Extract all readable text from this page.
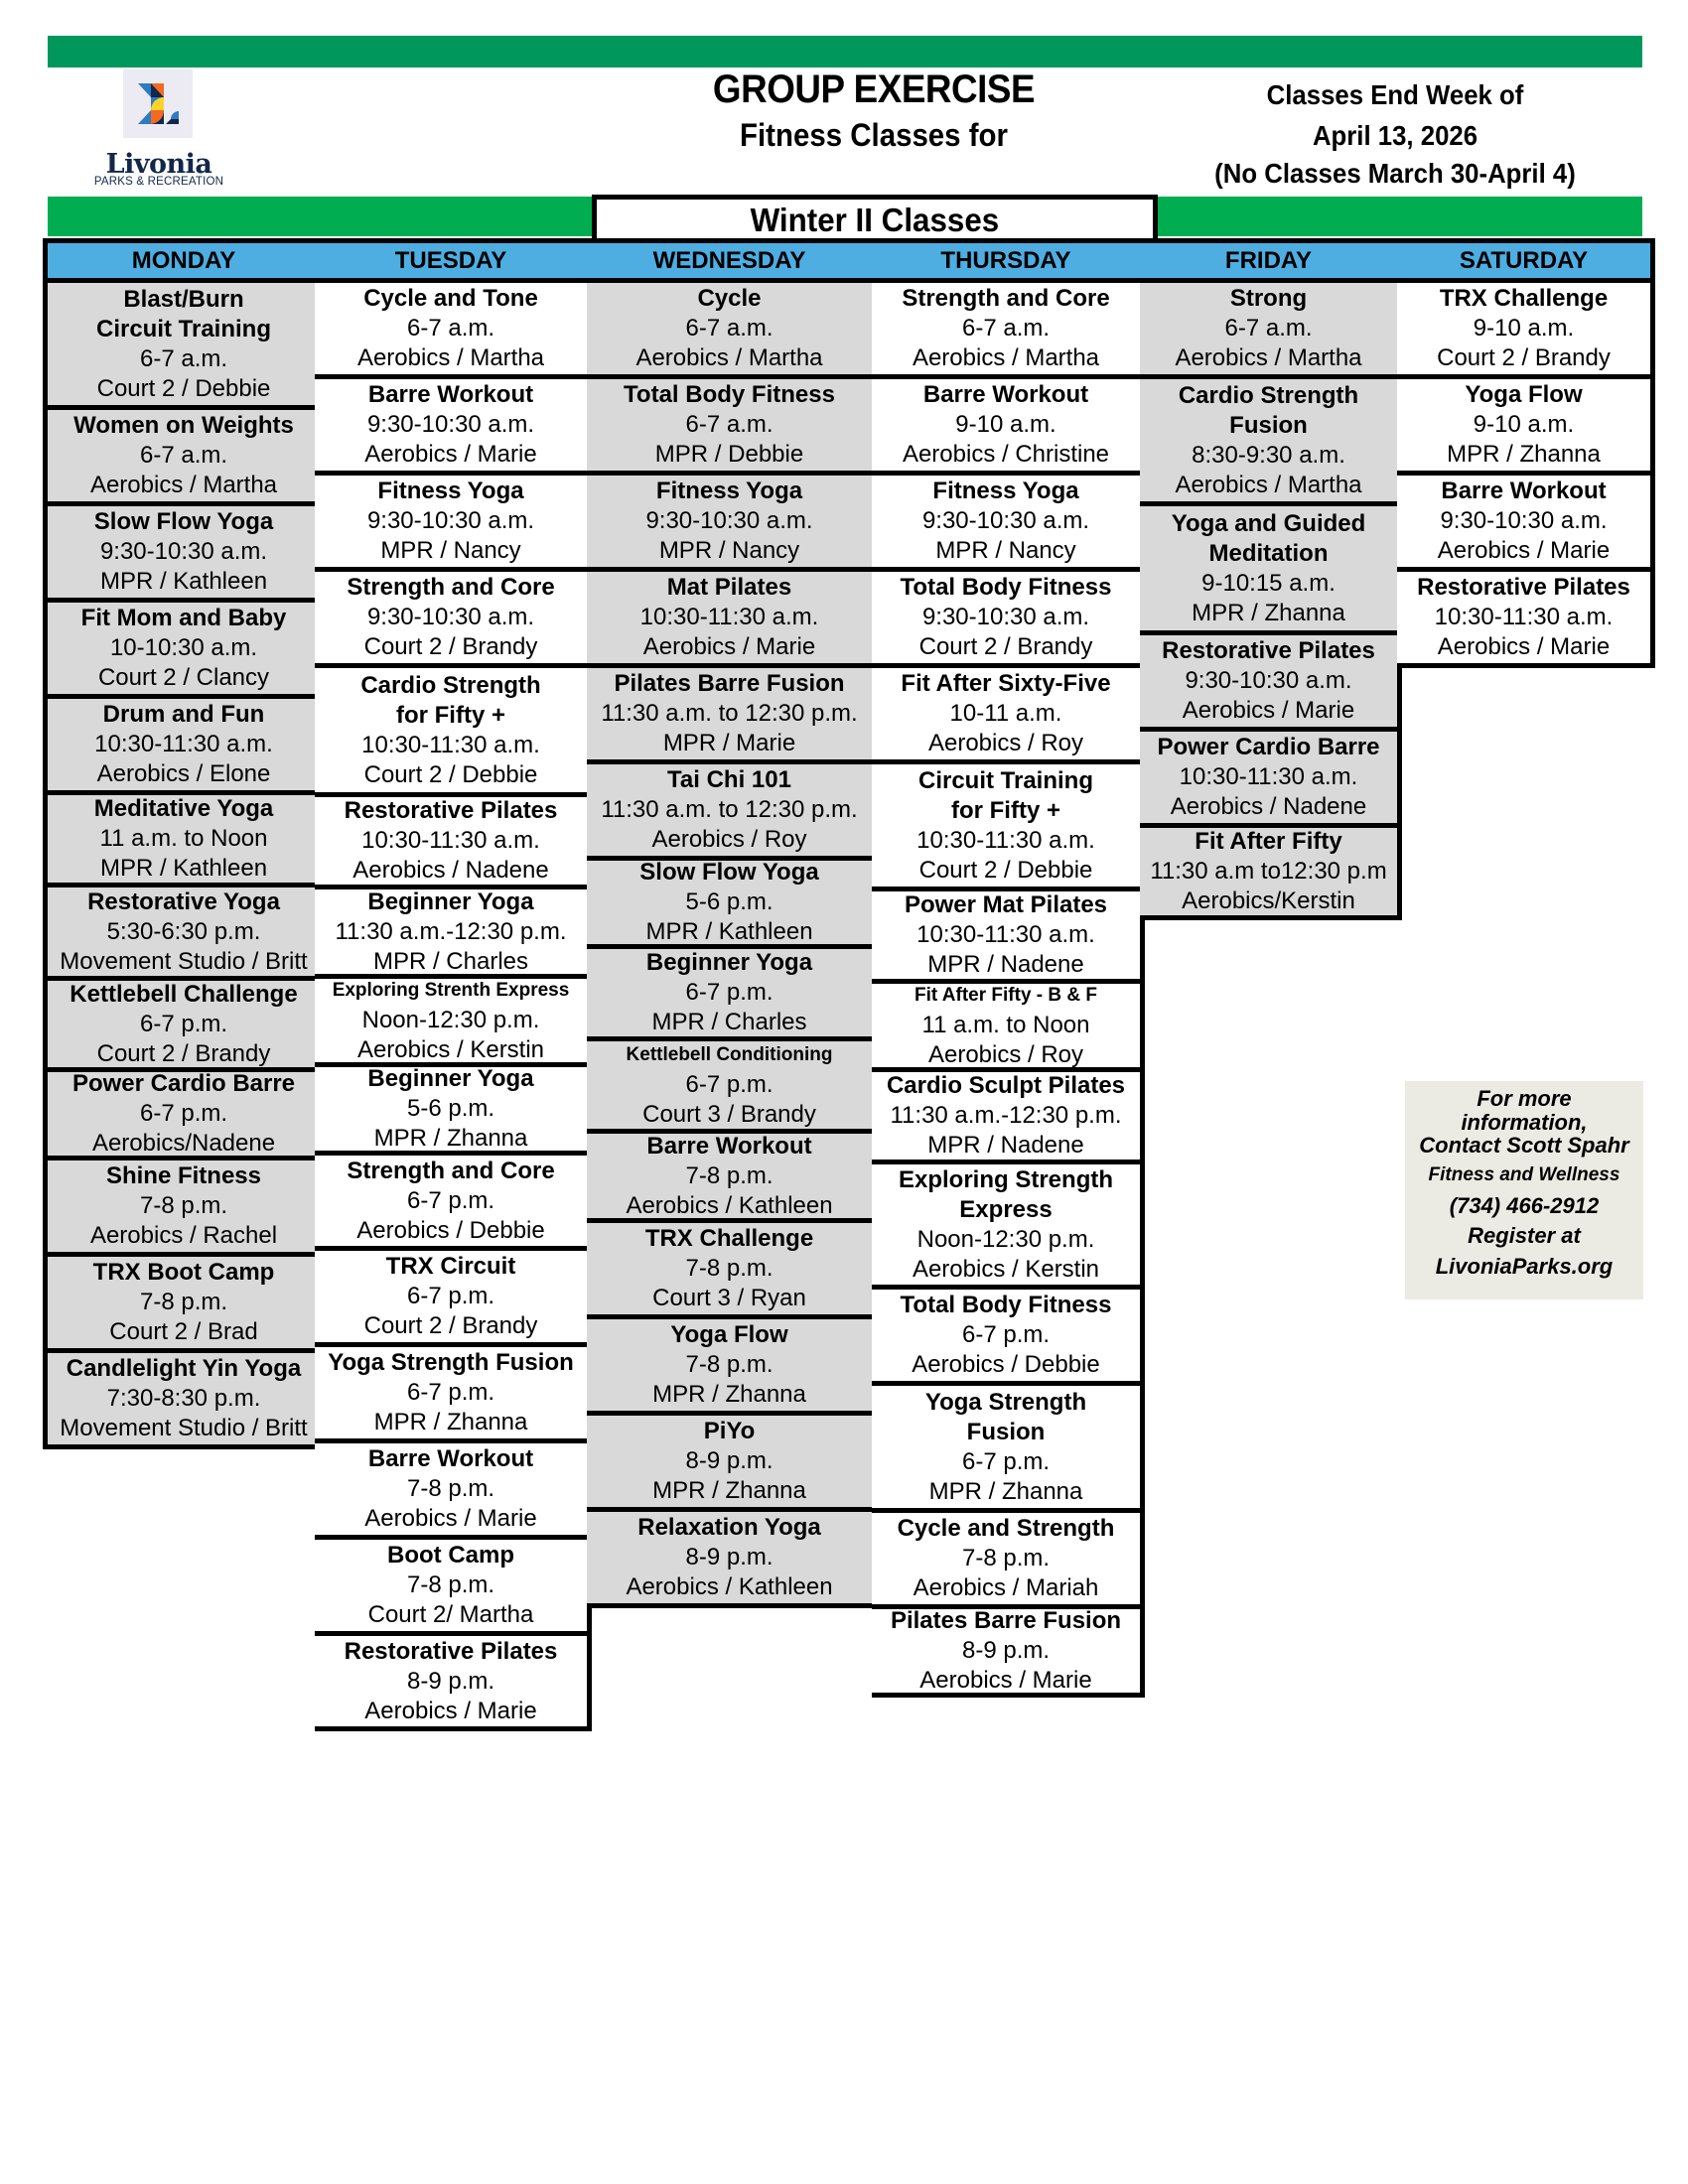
Livonia
PARKS & RECREATION
GROUP EXERCISE
Fitness Classes for
Classes End Week of
April 13, 2026
(No Classes March 30-April 4)
Winter II Classes
MONDAY
Blast/Burn
Circuit Training
6-7 a.m.
Court 2 / Debbie
Women on Weights
6-7 a.m.
Aerobics / Martha
Slow Flow Yoga
9:30-10:30 a.m.
MPR / Kathleen
Fit Mom and Baby
10-10:30 a.m.
Court 2 / Clancy
Drum and Fun
10:30-11:30 a.m.
Aerobics / Elone
Meditative Yoga
11 a.m. to Noon
MPR / Kathleen
Restorative Yoga
5:30-6:30 p.m.
Movement Studio / Britt
Kettlebell Challenge
6-7 p.m.
Court 2 / Brandy
Power Cardio Barre
6-7 p.m.
Aerobics/Nadene
Shine Fitness
7-8 p.m.
Aerobics / Rachel
TRX Boot Camp
7-8 p.m.
Court 2 / Brad
Candlelight Yin Yoga
7:30-8:30 p.m.
Movement Studio / Britt
TUESDAY
Cycle and Tone
6-7 a.m.
Aerobics / Martha
Barre Workout
9:30-10:30 a.m.
Aerobics / Marie
Fitness Yoga
9:30-10:30 a.m.
MPR / Nancy
Strength and Core
9:30-10:30 a.m.
Court 2 / Brandy
Cardio Strength
for Fifty +
10:30-11:30 a.m.
Court 2 / Debbie
Restorative Pilates
10:30-11:30 a.m.
Aerobics / Nadene
Beginner Yoga
11:30 a.m.-12:30 p.m.
MPR / Charles
Exploring Strenth Express
Noon-12:30 p.m.
Aerobics / Kerstin
Beginner Yoga
5-6 p.m.
MPR / Zhanna
Strength and Core
6-7 p.m.
Aerobics / Debbie
TRX Circuit
6-7 p.m.
Court 2 / Brandy
Yoga Strength Fusion
6-7 p.m.
MPR / Zhanna
Barre Workout
7-8 p.m.
Aerobics / Marie
Boot Camp
7-8 p.m.
Court 2/ Martha
Restorative Pilates
8-9 p.m.
Aerobics / Marie
WEDNESDAY
Cycle
6-7 a.m.
Aerobics / Martha
Total Body Fitness
6-7 a.m.
MPR / Debbie
Fitness Yoga
9:30-10:30 a.m.
MPR / Nancy
Mat Pilates
10:30-11:30 a.m.
Aerobics / Marie
Pilates Barre Fusion
11:30 a.m. to 12:30 p.m.
MPR / Marie
Tai Chi 101
11:30 a.m. to 12:30 p.m.
Aerobics / Roy
Slow Flow Yoga
5-6 p.m.
MPR / Kathleen
Beginner Yoga
6-7 p.m.
MPR / Charles
Kettlebell Conditioning
6-7 p.m.
Court 3 / Brandy
Barre Workout
7-8 p.m.
Aerobics / Kathleen
TRX Challenge
7-8 p.m.
Court 3 / Ryan
Yoga Flow
7-8 p.m.
MPR / Zhanna
PiYo
8-9 p.m.
MPR / Zhanna
Relaxation Yoga
8-9 p.m.
Aerobics / Kathleen
THURSDAY
Strength and Core
6-7 a.m.
Aerobics / Martha
Barre Workout
9-10 a.m.
Aerobics / Christine
Fitness Yoga
9:30-10:30 a.m.
MPR / Nancy
Total Body Fitness
9:30-10:30 a.m.
Court 2 / Brandy
Fit After Sixty-Five
10-11 a.m.
Aerobics / Roy
Circuit Training
for Fifty +
10:30-11:30 a.m.
Court 2 / Debbie
Power Mat Pilates
10:30-11:30 a.m.
MPR / Nadene
Fit After Fifty - B & F
11 a.m. to Noon
Aerobics / Roy
Cardio Sculpt Pilates
11:30 a.m.-12:30 p.m.
MPR / Nadene
Exploring Strength
Express
Noon-12:30 p.m.
Aerobics / Kerstin
Total Body Fitness
6-7 p.m.
Aerobics / Debbie
Yoga Strength
Fusion
6-7 p.m.
MPR / Zhanna
Cycle and Strength
7-8 p.m.
Aerobics / Mariah
Pilates Barre Fusion
8-9 p.m.
Aerobics / Marie
FRIDAY
Strong
6-7 a.m.
Aerobics / Martha
Cardio Strength
Fusion
8:30-9:30 a.m.
Aerobics / Martha
Yoga and Guided
Meditation
9-10:15 a.m.
MPR / Zhanna
Restorative Pilates
9:30-10:30 a.m.
Aerobics / Marie
Power Cardio Barre
10:30-11:30 a.m.
Aerobics / Nadene
Fit After Fifty
11:30 a.m to12:30 p.m
Aerobics/Kerstin
SATURDAY
TRX Challenge
9-10 a.m.
Court 2 / Brandy
Yoga Flow
9-10 a.m.
MPR / Zhanna
Barre Workout
9:30-10:30 a.m.
Aerobics / Marie
Restorative Pilates
10:30-11:30 a.m.
Aerobics / Marie
For more
information,
Contact Scott Spahr
Fitness and Wellness
(734) 466-2912
Register at
LivoniaParks.org
